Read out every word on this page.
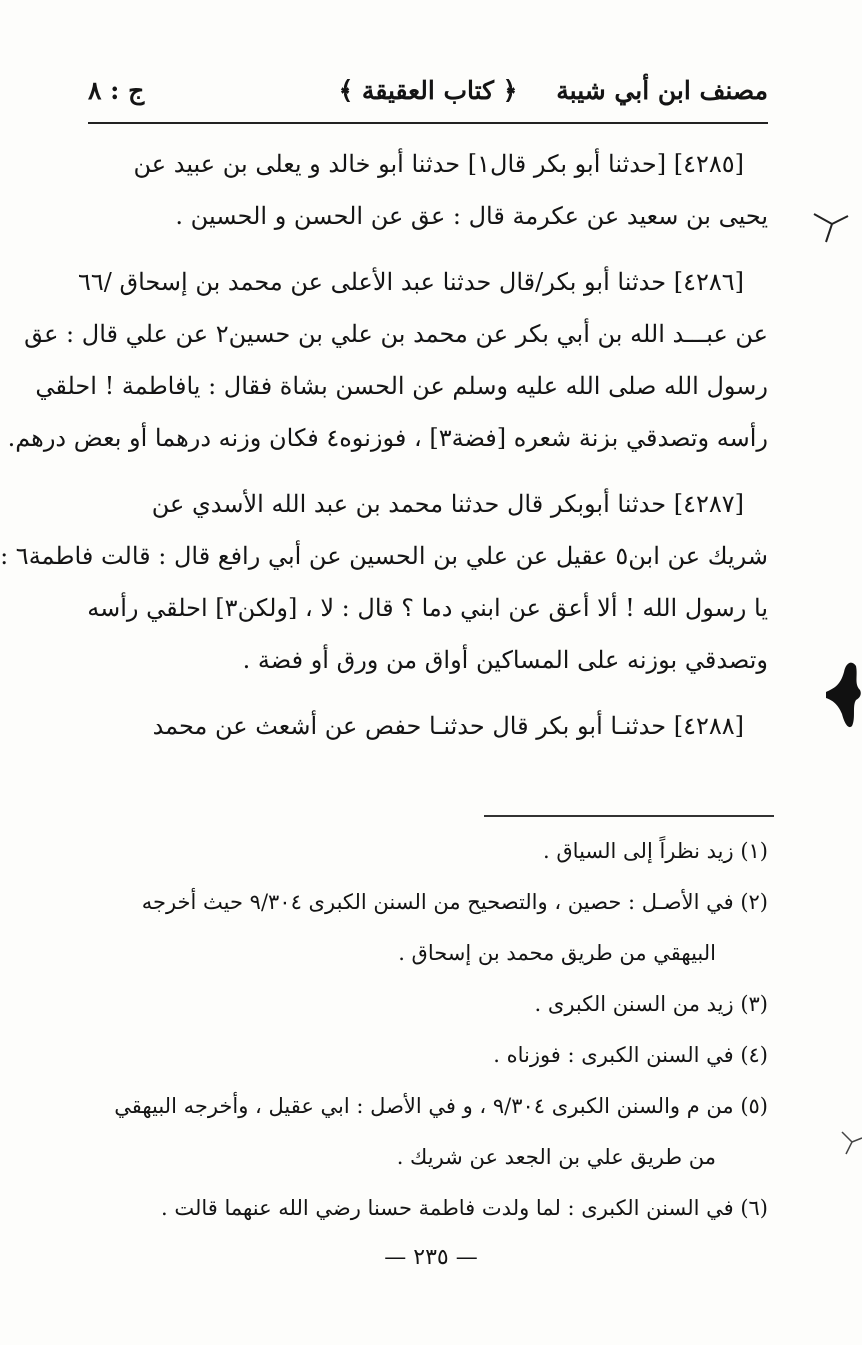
مصنف ابن أبي شيبة
﴿ كتاب العقيقة ﴾
ج : ٨
[٤٢٨٥] [حدثنا أبو بكر قال١] حدثنا أبو خالد و يعلى بن عبيد عن
يحيى بن سعيد عن عكرمة قال : عق عن الحسن و الحسين .
[٤٢٨٦] حدثنا أبو بكر/قال حدثنا عبد الأعلى عن محمد بن إسحاق /٦٦
عن عبـــد الله بن أبي بكر عن محمد بن علي بن حسين٢ عن علي قال : عق
رسول الله صلى الله عليه وسلم عن الحسن بشاة فقال : يافاطمة ! احلقي
رأسه وتصدقي بزنة شعره [فضة٣] ، فوزنوه٤ فكان وزنه درهما أو بعض درهم.
[٤٢٨٧] حدثنا أبوبكر قال حدثنا محمد بن عبد الله الأسدي عن
شريك عن ابن٥ عقيل عن علي بن الحسين عن أبي رافع قال : قالت فاطمة٦ :
يا رسول الله ! ألا أعق عن ابني دما ؟ قال : لا ، [ولكن٣] احلقي رأسه
وتصدقي بوزنه على المساكين أواق من ورق أو فضة .
[٤٢٨٨] حدثنـا أبو بكر قال حدثنـا حفص عن أشعث عن محمد
(١) زيد نظراً إلى السياق .
(٢) في الأصـل : حصين ، والتصحيح من السنن الكبرى ٩/٣٠٤ حيث أخرجه
البيهقي من طريق محمد بن إسحاق .
(٣) زيد من السنن الكبرى .
(٤) في السنن الكبرى : فوزناه .
(٥) من م والسنن الكبرى ٩/٣٠٤ ، و في الأصل : ابي عقيل ، وأخرجه البيهقي
من طريق علي بن الجعد عن شريك .
(٦) في السنن الكبرى : لما ولدت فاطمة حسنا رضي الله عنهما قالت .
— ٢٣٥ —
